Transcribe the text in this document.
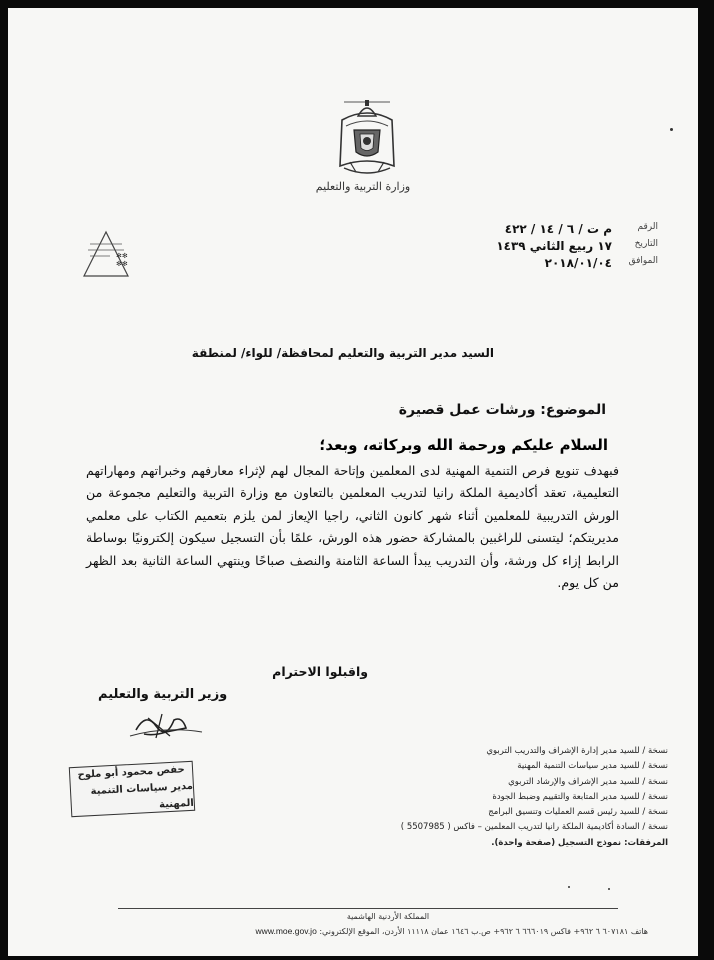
وزارة التربية والتعليم
✻✻
✻✻
الرقم
م ت / ٦ / ١٤ / ٤٢٢
التاريخ
١٧ ربيع الثاني ١٤٣٩
الموافق
٢٠١٨/٠١/٠٤
السيد مدير التربية والتعليم لمحافظة/ للواء/ لمنطقة
الموضوع: ورشات عمل قصيرة
السلام عليكم ورحمة الله وبركاته، وبعد؛

فبهدف تنويع فرص التنمية المهنية لدى المعلمين وإتاحة المجال لهم لإثراء معارفهم وخبراتهم ومهاراتهم التعليمية، تعقد أكاديمية الملكة رانيا لتدريب المعلمين بالتعاون مع وزارة التربية والتعليم مجموعة من الورش التدريبية للمعلمين أثناء شهر كانون الثاني، راجيا الإيعاز لمن يلزم بتعميم الكتاب على معلمي مديريتكم؛ ليتسنى للراغبين بالمشاركة حضور هذه الورش، علمًا بأن التسجيل سيكون إلكترونيًا بوساطة الرابط إزاء كل ورشة، وأن التدريب يبدأ الساعة الثامنة والنصف صباحًا وينتهي الساعة الثانية بعد الظهر من كل يوم.

واقبلوا الاحترام
وزير التربية والتعليم
حفص محمود أبو ملوح
مدير سياسات التنمية المهنية
نسخة / للسيد مدير إدارة الإشراف والتدريب التربوي
نسخة / للسيد مدير سياسات التنمية المهنية
نسخة / للسيد مدير الإشراف والإرشاد التربوي
نسخة / للسيد مدير المتابعة والتقييم وضبط الجودة
نسخة / للسيد رئيس قسم العمليات وتنسيق البرامج
نسخة / السادة أكاديمية الملكة رانيا لتدريب المعلمين – فاكس ( 5507985 )
المرفقات: نموذج التسجيل (صفحة واحدة).
المملكة الأردنية الهاشمية
هاتف ٦٠٧١٨١ ٦ ٩٦٢+ فاكس ٦٦٦٠١٩ ٦ ٩٦٢+ ص.ب ١٦٤٦ عمان ١١١١٨ الأردن، الموقع الإلكتروني: www.moe.gov.jo
